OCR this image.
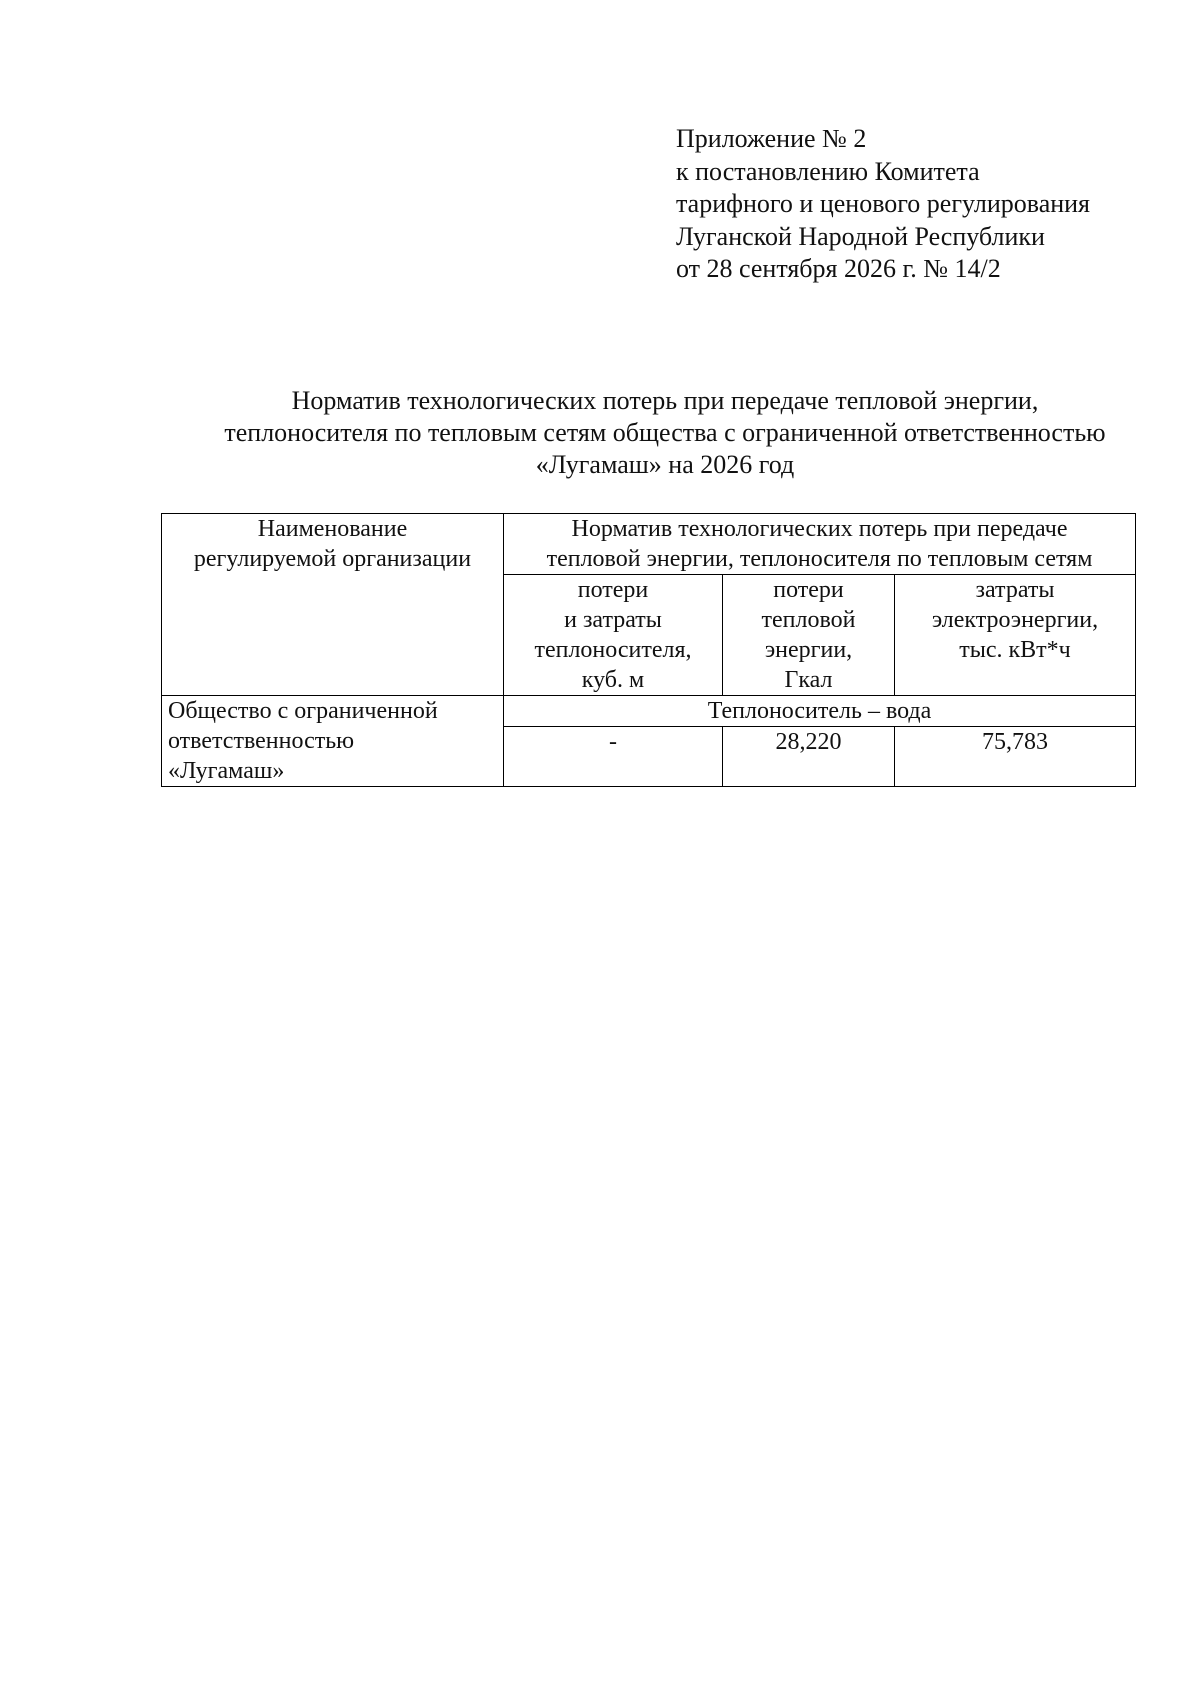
Приложение № 2
к постановлению Комитета
тарифного и ценового регулирования
Луганской Народной Республики
от 28 сентября 2026 г. № 14/2
Норматив технологических потерь при передаче тепловой энергии,
теплоносителя по тепловым сетям общества с ограниченной ответственностью
«Лугамаш» на 2026 год
Наименование
регулируемой организации	Норматив технологических потерь при передаче
тепловой энергии, теплоносителя по тепловым сетям		

	потери
и затраты
теплоносителя,
куб. м	потери
тепловой
энергии,
Гкал	затраты
электроэнергии,
тыс. кВт*ч

Общество с ограниченной
ответственностью
«Лугамаш»	Теплоноситель – вода		
	-	28,220	75,783
